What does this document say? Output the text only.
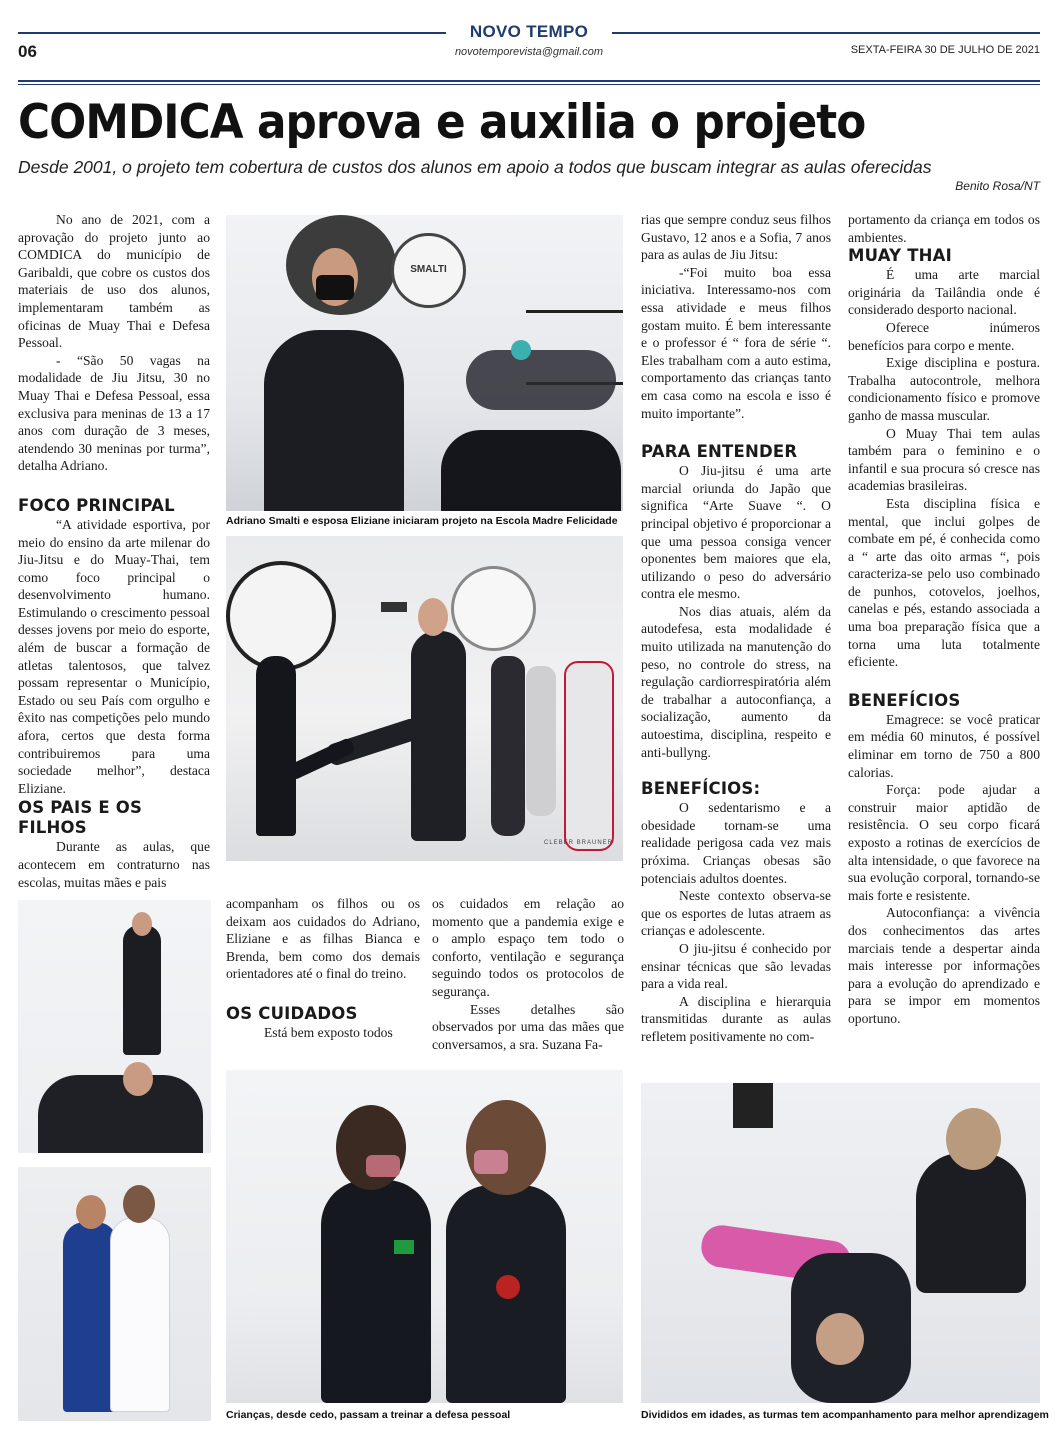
NOVO TEMPO
novotemporevista@gmail.com
06	SEXTA-FEIRA 30 DE JULHO DE 2021
COMDICA aprova e auxilia o projeto
Desde 2001, o projeto tem cobertura de custos dos alunos em apoio a todos que buscam integrar as aulas oferecidas
Benito Rosa/NT

No ano de 2021, com a aprovação do projeto junto ao COMDICA do município de Garibaldi, que cobre os custos dos materiais de uso dos alunos, implementaram também as oficinas de Muay Thai e Defesa Pessoal.

- “São 50 vagas na modalidade de Jiu Jitsu, 30 no Muay Thai e Defesa Pessoal, essa exclusiva para meninas de 13 a 17 anos com duração de 3 meses, atendendo 30 meninas por turma”, detalha Adriano.

FOCO PRINCIPAL

“A atividade esportiva, por meio do ensino da arte milenar do Jiu-Jitsu e do Muay-Thai, tem como foco principal o desenvolvimento humano. Estimulando o crescimento pessoal desses jovens por meio do esporte, além de buscar a formação de atletas talentosos, que talvez possam representar o Município, Estado ou seu País com orgulho e êxito nas competições pelo mundo afora, certos que desta forma contribuiremos para uma sociedade melhor”, destaca Eliziane.

OS PAIS E OS FILHOS

Durante as aulas, que acontecem em contraturno nas escolas, muitas mães e pais

acompanham os filhos ou os deixam aos cuidados do Adriano, Eliziane e as filhas Bianca e Brenda, bem como dos demais orientadores até o final do treino.

OS CUIDADOS

Está bem exposto todos

os cuidados em relação ao momento que a pandemia exige e o amplo espaço tem todo o conforto, ventilação e segurança seguindo todos os protocolos de segurança.

Esses detalhes são observados por uma das mães que conversamos, a sra. Suzana Fa-

rias que sempre conduz seus filhos Gustavo, 12 anos e a Sofia, 7 anos para as aulas de Jiu Jitsu:

-“Foi muito boa essa iniciativa. Interessamo-nos com essa atividade e meus filhos gostam muito. É bem interessante e o professor é “ fora de série “. Eles trabalham com a auto estima, comportamento das crianças tanto em casa como na escola e isso é muito importante”.

PARA ENTENDER

O Jiu-jitsu é uma arte marcial oriunda do Japão que significa “Arte Suave “. O principal objetivo é proporcionar a que uma pessoa consiga vencer oponentes bem maiores que ela, utilizando o peso do adversário contra ele mesmo.

Nos dias atuais, além da autodefesa, esta modalidade é muito utilizada na manutenção do peso, no controle do stress, na regulação cardiorrespiratória além de trabalhar a autoconfiança, a socialização, aumento da autoestima, disciplina, respeito e anti-bullyng.

BENEFÍCIOS:

O sedentarismo e a obesidade tornam-se uma realidade perigosa cada vez mais próxima. Crianças obesas são potenciais adultos doentes.

Neste contexto observa-se que os esportes de lutas atraem as crianças e adolescente.

O jiu-jitsu é conhecido por ensinar técnicas que são levadas para a vida real.

A disciplina e hierarquia transmitidas durante as aulas refletem positivamente no com-

portamento da criança em todos os ambientes.

MUAY THAI

É uma arte marcial originária da Tailândia onde é considerado desporto nacional.

Oferece inúmeros benefícios para corpo e mente.

Exige disciplina e postura. Trabalha autocontrole, melhora condicionamento físico e promove ganho de massa muscular.

O Muay Thai tem aulas também para o feminino e o infantil e sua procura só cresce nas academias brasileiras.

Esta disciplina física e mental, que inclui golpes de combate em pé, é conhecida como a “ arte das oito armas “, pois caracteriza-se pelo uso combinado de punhos, cotovelos, joelhos, canelas e pés, estando associada a uma boa preparação física que a torna uma luta totalmente eficiente.

BENEFÍCIOS

Emagrece: se você praticar em média 60 minutos, é possível eliminar em torno de 750 a 800 calorias.

Força: pode ajudar a construir maior aptidão de resistência. O seu corpo ficará exposto a rotinas de exercícios de alta intensidade, o que favorece na sua evolução corporal, tornando-se mais forte e resistente.

Autoconfiança: a vivência dos conhecimentos das artes marciais tende a despertar ainda mais interesse por informações para a evolução do aprendizado e para se impor em momentos oportuno.

SMALTI
Adriano Smalti e esposa Eliziane iniciaram projeto na Escola Madre Felicidade
CLEBER BRAUNER
Crianças, desde cedo, passam a treinar a defesa pessoal	Divididos em idades, as turmas tem acompanhamento para melhor aprendizagem
